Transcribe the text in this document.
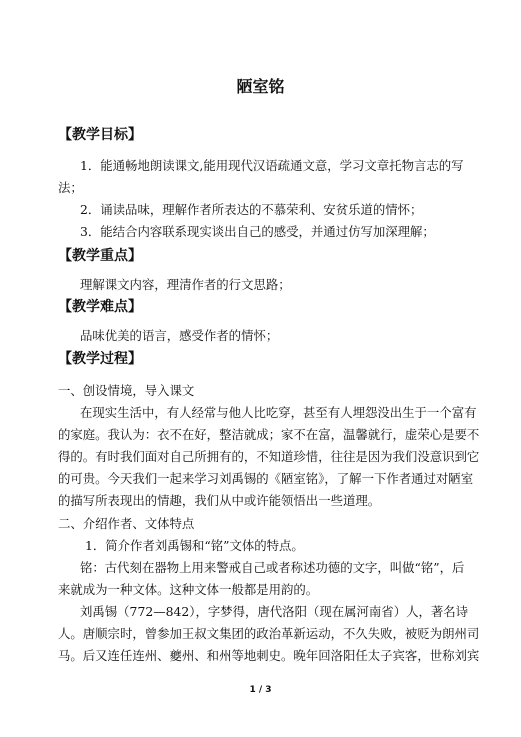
陋室铭
【教学目标】
1．能通畅地朗读课文,能用现代汉语疏通文意，学习文章托物言志的写
法；
2．诵读品味，理解作者所表达的不慕荣利、安贫乐道的情怀；
3．能结合内容联系现实谈出自己的感受，并通过仿写加深理解；
【教学重点】
理解课文内容，理清作者的行文思路；
【教学难点】
品味优美的语言，感受作者的情怀；
【教学过程】
一、创设情境，导入课文
在现实生活中，有人经常与他人比吃穿，甚至有人埋怨没出生于一个富有
的家庭。我认为：衣不在好，整洁就成；家不在富，温馨就行，虚荣心是要不
得的。有时我们面对自己所拥有的，不知道珍惜，往往是因为我们没意识到它
的可贵。今天我们一起来学习刘禹锡的《陋室铭》，了解一下作者通过对陋室
的描写所表现出的情趣，我们从中或许能领悟出一些道理。
二、介绍作者、文体特点
1．简介作者刘禹锡和“铭”文体的特点。
铭：古代刻在器物上用来警戒自己或者称述功德的文字，叫做“铭”，后
来就成为一种文体。这种文体一般都是用韵的。
刘禹锡（772—842），字梦得，唐代洛阳（现在属河南省）人，著名诗
人。唐顺宗时，曾参加王叔文集团的政治革新运动，不久失败，被贬为朗州司
马。后又连任连州、夔州、和州等地刺史。晚年回洛阳任太子宾客，世称刘宾
1 / 3
